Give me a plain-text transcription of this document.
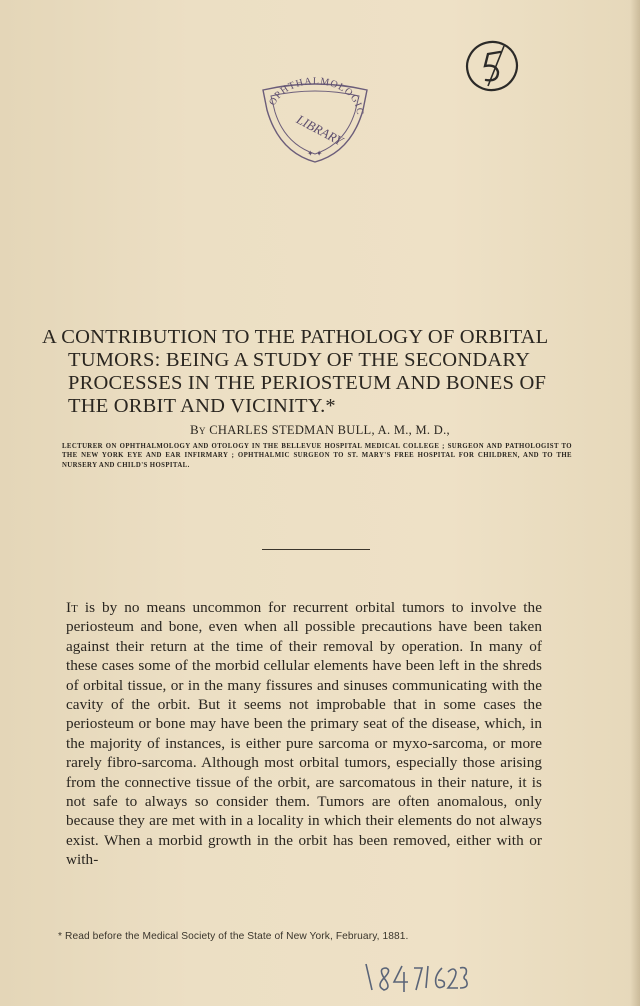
OPHTHALMOLOGIC
LIBRARY
✦ ✦
A CONTRIBUTION TO THE PATHOLOGY OF ORBITAL
TUMORS: BEING A STUDY OF THE SECONDARY
PROCESSES IN THE PERIOSTEUM AND BONES OF
THE ORBIT AND VICINITY.*
By CHARLES STEDMAN BULL, A. M., M. D.,
LECTURER ON OPHTHALMOLOGY AND OTOLOGY IN THE BELLEVUE HOSPITAL MEDICAL COLLEGE ; SURGEON AND PATHOLOGIST TO THE NEW YORK EYE AND EAR INFIRMARY ; OPHTHALMIC SURGEON TO ST. MARY'S FREE HOSPITAL FOR CHILDREN, AND TO THE NURSERY AND CHILD'S HOSPITAL.
It is by no means uncommon for recurrent orbital tumors to involve the periosteum and bone, even when all possible precautions have been taken against their return at the time of their removal by operation. In many of these cases some of the morbid cellular elements have been left in the shreds of orbital tissue, or in the many fissures and sinuses communicating with the cavity of the orbit. But it seems not improbable that in some cases the periosteum or bone may have been the primary seat of the disease, which, in the majority of instances, is either pure sarcoma or myxo-sarcoma, or more rarely fibro-sarcoma. Although most orbital tumors, especially those arising from the connective tissue of the orbit, are sarcomatous in their nature, it is not safe to always so consider them. Tumors are often anomalous, only because they are met with in a locality in which their elements do not always exist. When a morbid growth in the orbit has been removed, either with or with-
* Read before the Medical Society of the State of New York, February, 1881.
